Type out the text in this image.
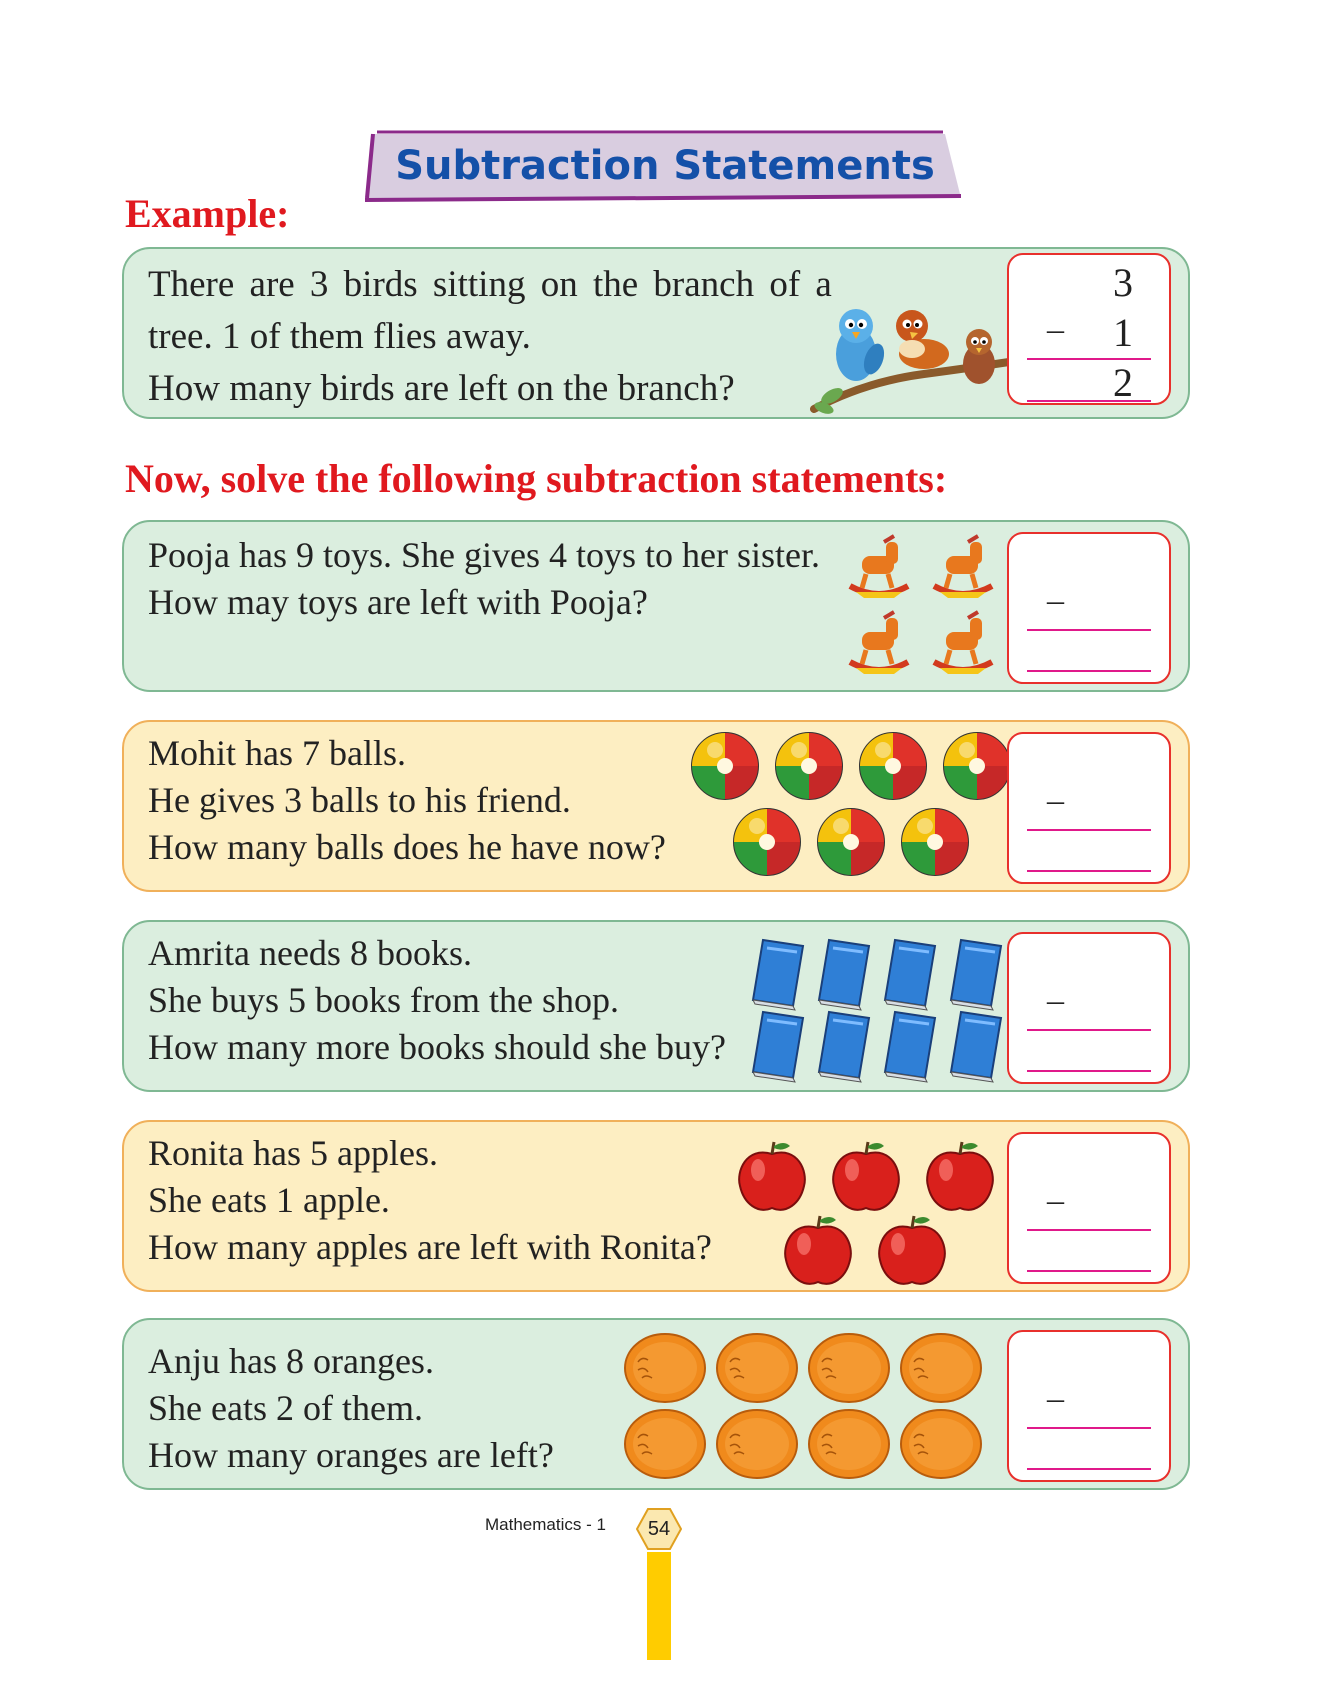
Subtraction Statements
Example:
There are 3 birds sitting on the branch of a
tree. 1 of them flies away.
How many birds are left on the branch?
3
– 1
2
Now, solve the following subtraction statements:
Pooja has 9 toys. She gives 4 toys to her sister.
How may toys are left with Pooja?	–
Mohit has 7 balls.
He gives 3 balls to his friend.
How many balls does he have now?
–
Amrita needs 8 books.
She buys 5 books from the shop.
How many more books should she buy?
–
Ronita has 5 apples.
She eats 1 apple.
How many apples are left with Ronita?
–
Anju has 8 oranges.
She eats 2 of them.
How many oranges are left?
–
Mathematics - 1	54
